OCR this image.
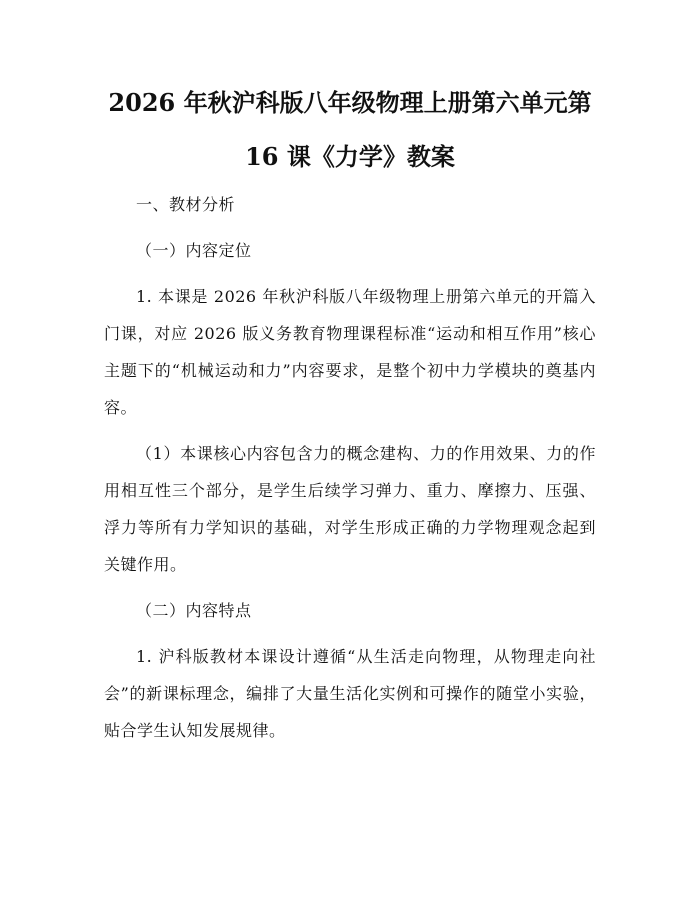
2026 年秋沪科版八年级物理上册第六单元第
16 课《力学》教案

一、教材分析

（一）内容定位

1. 本课是 2026 年秋沪科版八年级物理上册第六单元的开篇入门课，对应 2026 版义务教育物理课程标准“运动和相互作用”核心主题下的“机械运动和力”内容要求，是整个初中力学模块的奠基内容。

（1）本课核心内容包含力的概念建构、力的作用效果、力的作用相互性三个部分，是学生后续学习弹力、重力、摩擦力、压强、浮力等所有力学知识的基础，对学生形成正确的力学物理观念起到关键作用。

（二）内容特点

1. 沪科版教材本课设计遵循“从生活走向物理，从物理走向社会”的新课标理念，编排了大量生活化实例和可操作的随堂小实验，贴合学生认知发展规律。
